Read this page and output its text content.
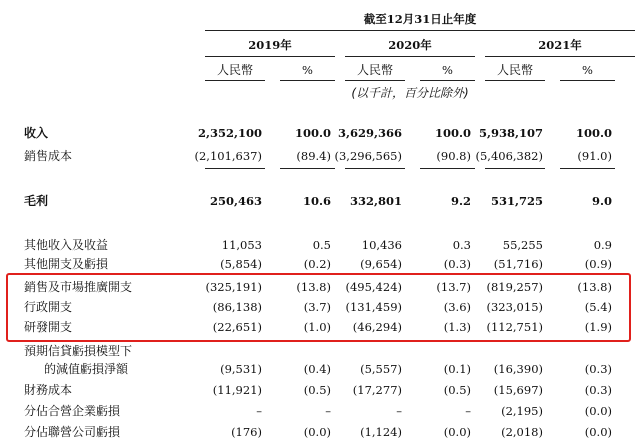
截至12月31日止年度
2019年	2020年	2021年
人民幣	%	人民幣	%	人民幣	%
(以千計，百分比除外)
收入	2,352,100	100.0 3,629,366	100.0 5,938,107	100.0
銷售成本	(2,101,637)	(89.4) (3,296,565)	(90.8) (5,406,382)	(91.0)
毛利	250,463	10.6	332,801	9.2	531,725	9.0
其他收入及收益	11,053	0.5	10,436	0.3	55,255	0.9
其他開支及虧損	(5,854)	(0.2)	(9,654)	(0.3)	(51,716)	(0.9)
銷售及市場推廣開支	(325,191)	(13.8)	(495,424)	(13.7)	(819,257)	(13.8)
行政開支	(86,138)	(3.7)	(131,459)	(3.6)	(323,015)	(5.4)
研發開支	(22,651)	(1.0)	(46,294)	(1.3)	(112,751)	(1.9)
預期信貸虧損模型下
的減值虧損淨額	(9,531)	(0.4)	(5,557)	(0.1)	(16,390)	(0.3)
財務成本	(11,921)	(0.5)	(17,277)	(0.5)	(15,697)	(0.3)
分佔合營企業虧損	–	–	–	–	(2,195)	(0.0)
分佔聯營公司虧損	(176)	(0.0)	(1,124)	(0.0)	(2,018)	(0.0)
